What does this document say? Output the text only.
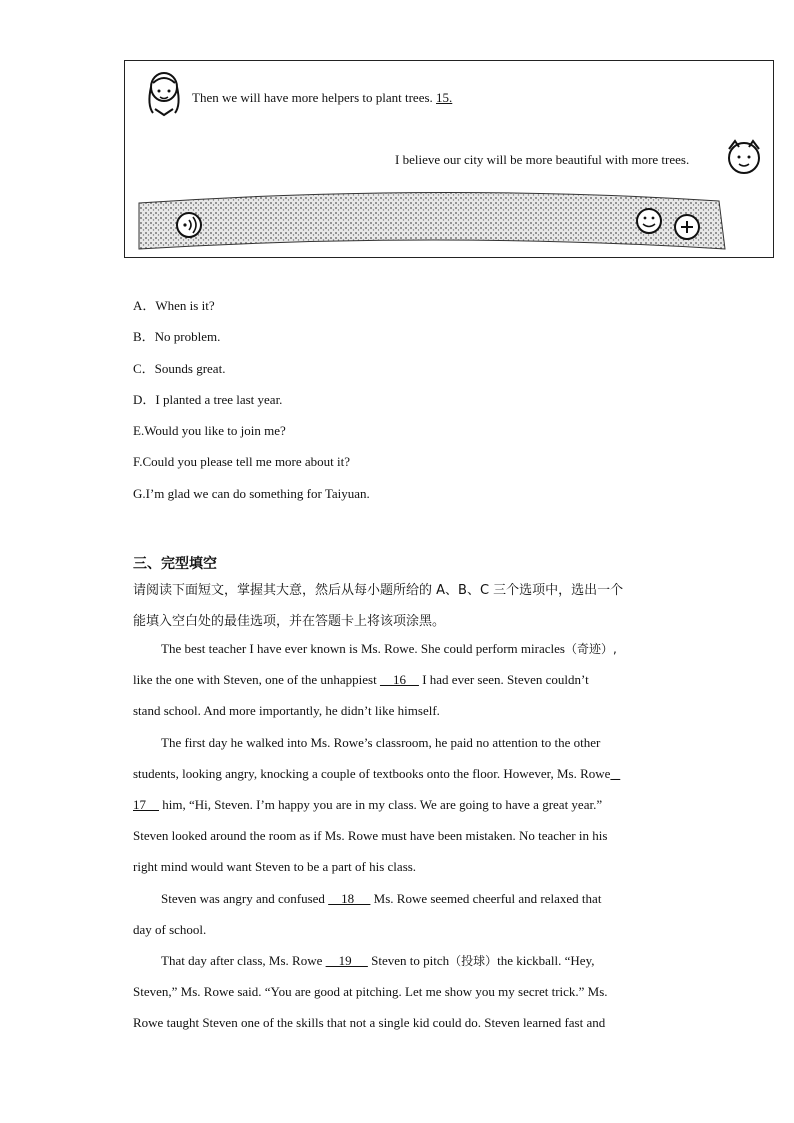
Then we will have more helpers to plant trees. 15.
I believe our city will be more beautiful with more trees.
A．When is it?
B．No problem.
C．Sounds great.
D．I planted a tree last year.
E.Would you like to join me?
F.Could you please tell me more about it?
G.I’m glad we can do something for Taiyuan.
三、完型填空
请阅读下面短文，掌握其大意，然后从每小题所给的 A、B、C 三个选项中，选出一个
能填入空白处的最佳选项，并在答题卡上将该项涂黑。
The best teacher I have ever known is Ms. Rowe. She could perform miracles（奇迹）,
like the one with Steven, one of the unhappiest     16     I had ever seen. Steven couldn’t
stand school. And more importantly, he didn’t like himself.
The first day he walked into Ms. Rowe’s classroom, he paid no attention to the other
students, looking angry, knocking a couple of textbooks onto the floor. However, Ms. Rowe _
17     him, “Hi, Steven. I’m happy you are in my class. We are going to have a great year.”
Steven looked around the room as if Ms. Rowe must have been mistaken. No teacher in his
right mind would want Steven to be a part of his class.
Steven was angry and confused     18      Ms. Rowe seemed cheerful and relaxed that
day of school.
That day after class, Ms. Rowe     19      Steven to pitch（投球）the kickball. “Hey,
Steven,” Ms. Rowe said. “You are good at pitching. Let me show you my secret trick.” Ms.
Rowe taught Steven one of the skills that not a single kid could do. Steven learned fast and
